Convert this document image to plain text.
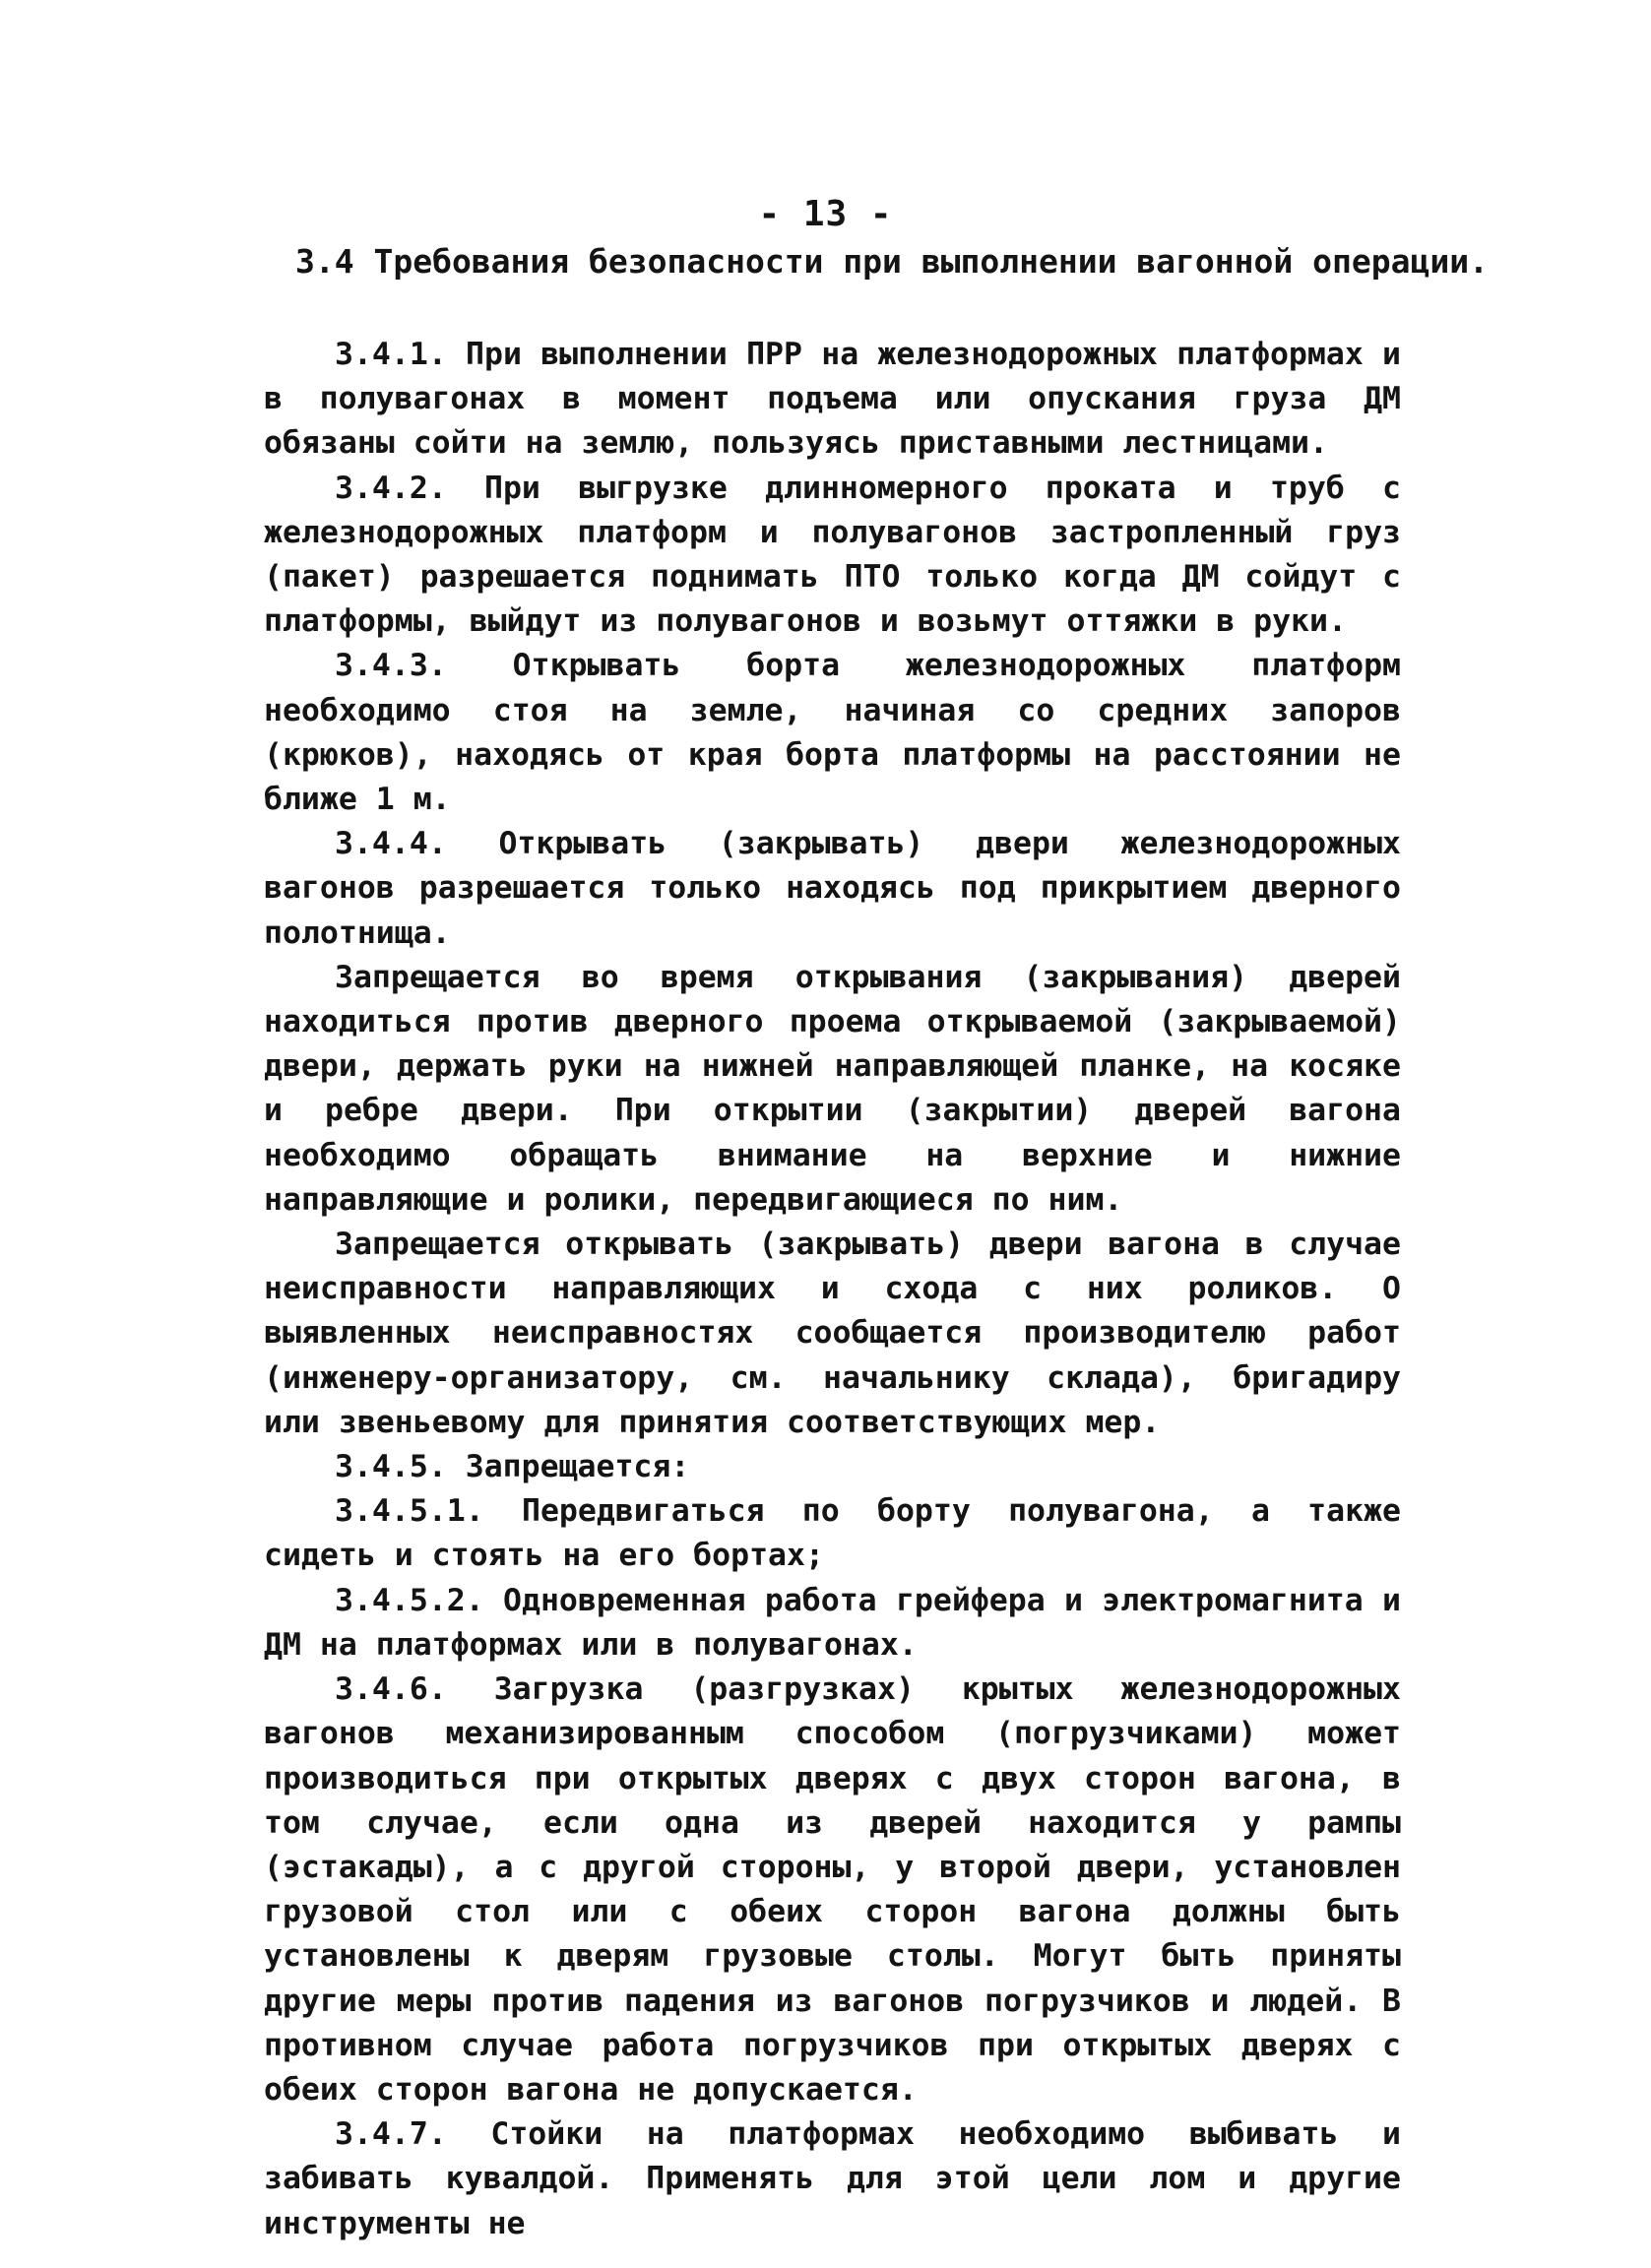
- 13 -
3.4 Требования безопасности при выполнении вагонной операции.

3.4.1. При выполнении ПРР на железнодорожных платформах и в полувагонах в момент подъема или опускания груза ДМ обязаны сойти на землю, пользуясь приставными лестницами.

3.4.2. При выгрузке длинномерного проката и труб с железнодорожных платформ и полувагонов застропленный груз (пакет) разрешается поднимать ПТО только когда ДМ сойдут с платформы, выйдут из полувагонов и возьмут оттяжки в руки.

3.4.3. Открывать борта железнодорожных платформ необходимо стоя на земле, начиная со средних запоров (крюков), находясь от края борта платформы на расстоянии не ближе 1 м.

3.4.4. Открывать (закрывать) двери железнодорожных вагонов разрешается только находясь под прикрытием дверного полотнища.

Запрещается во время открывания (закрывания) дверей находиться против дверного проема открываемой (закрываемой) двери, держать руки на нижней направляющей планке, на косяке и ребре двери. При открытии (закрытии) дверей вагона необходимо обращать внимание на верхние и нижние направляющие и ролики, передвигающиеся по ним.

Запрещается открывать (закрывать) двери вагона в случае неисправности направляющих и схода с них роликов. О выявленных неисправностях сообщается производителю работ (инженеру-организатору, см. начальнику склада), бригадиру или звеньевому для принятия соответствующих мер.

3.4.5. Запрещается:

3.4.5.1. Передвигаться по борту полувагона, а также сидеть и стоять на его бортах;

3.4.5.2. Одновременная работа грейфера и электромагнита и ДМ на платформах или в полувагонах.

3.4.6. Загрузка (разгрузках) крытых железнодорожных вагонов механизированным способом (погрузчиками) может производиться при открытых дверях с двух сторон вагона, в том случае, если одна из дверей находится у рампы (эстакады), а с другой стороны, у второй двери, установлен грузовой стол или с обеих сторон вагона должны быть установлены к дверям грузовые столы. Могут быть приняты другие меры против падения из вагонов погрузчиков и людей. В противном случае работа погрузчиков при открытых дверях с обеих сторон вагона не допускается.

3.4.7. Стойки на платформах необходимо выбивать и забивать кувалдой. Применять для этой цели лом и другие инструменты не
